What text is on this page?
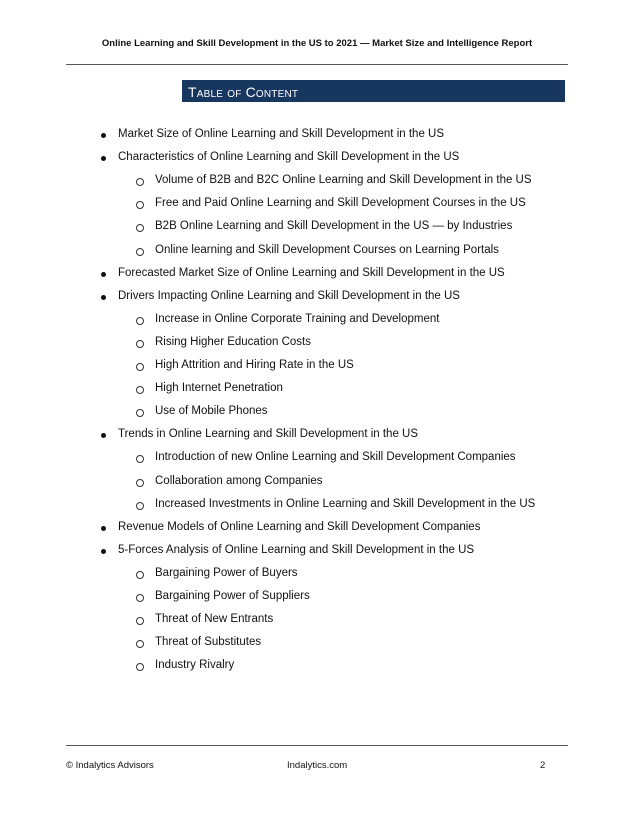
Online Learning and Skill Development in the US to 2021 — Market Size and Intelligence Report
Table of Content
Market Size of Online Learning and Skill Development in the US
Characteristics of Online Learning and Skill Development in the US
Volume of B2B and B2C Online Learning and Skill Development in the US
Free and Paid Online Learning and Skill Development Courses in the US
B2B Online Learning and Skill Development in the US — by Industries
Online learning and Skill Development Courses on Learning Portals
Forecasted Market Size of Online Learning and Skill Development in the US
Drivers Impacting Online Learning and Skill Development in the US
Increase in Online Corporate Training and Development
Rising Higher Education Costs
High Attrition and Hiring Rate in the US
High Internet Penetration
Use of Mobile Phones
Trends in Online Learning and Skill Development in the US
Introduction of new Online Learning and Skill Development Companies
Collaboration among Companies
Increased Investments in Online Learning and Skill Development in the US
Revenue Models of Online Learning and Skill Development Companies
5-Forces Analysis of Online Learning and Skill Development in the US
Bargaining Power of Buyers
Bargaining Power of Suppliers
Threat of New Entrants
Threat of Substitutes
Industry Rivalry
© Indalytics Advisors	Indalytics.com	2
